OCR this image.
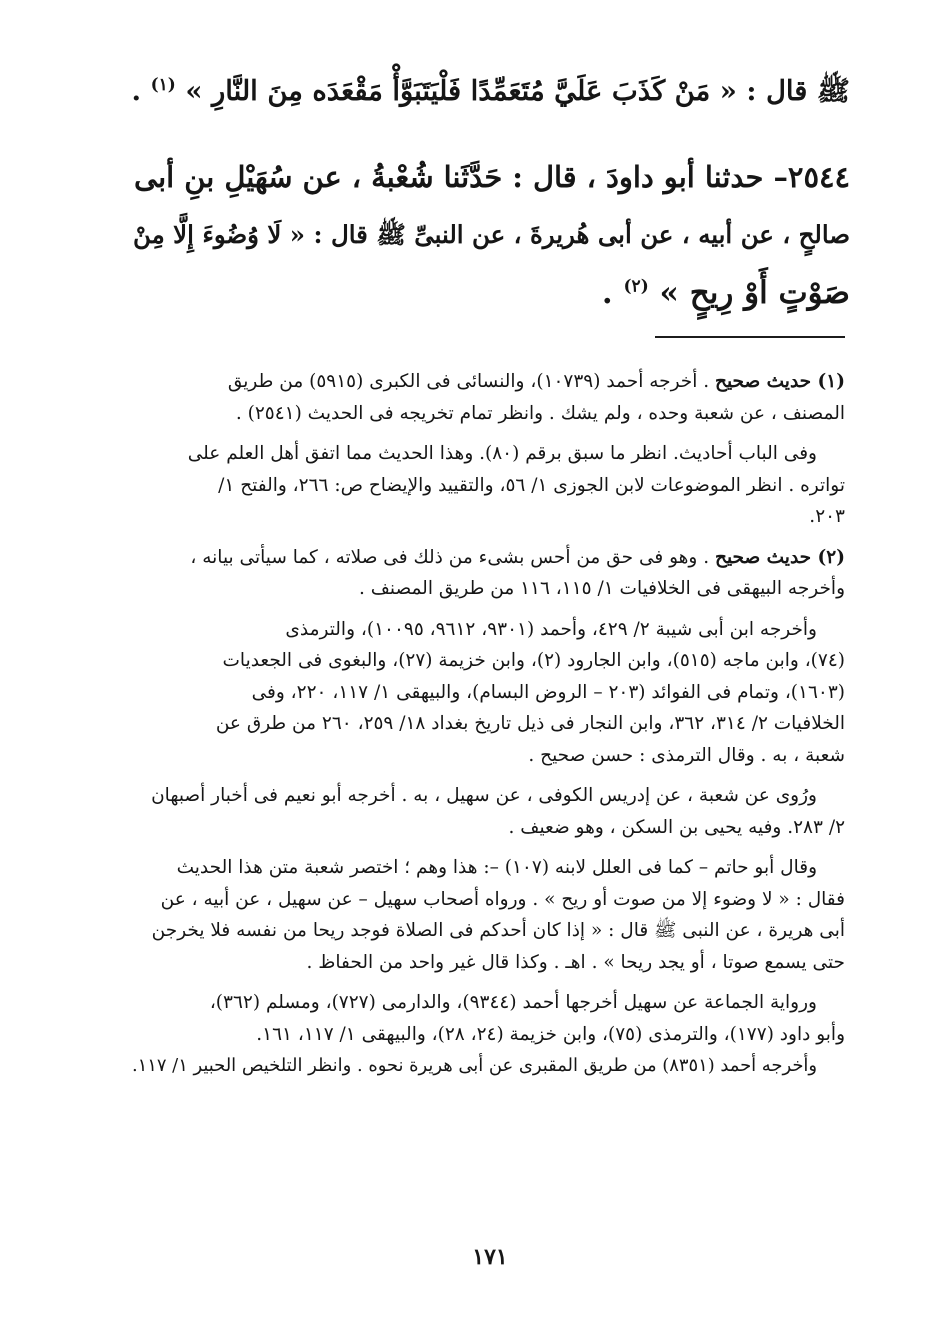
ﷺ قال : « مَنْ كَذَبَ عَلَيَّ مُتَعَمِّدًا فَلْيَتَبَوَّأْ مَقْعَدَه مِنَ النَّارِ » $^{(١)}$ .
٢٥٤٤– حدثنا أبو داودَ ، قال : حَدَّثَنا شُعْبةُ ، عن سُهَيْلِ بنِ أبى
صالحٍ ، عن أبيه ، عن أبى هُريرةَ ، عن النبىِّ ﷺ قال : « لَا وُضُوءَ إِلَّا مِنْ
صَوْتٍ أَوْ رِيحٍ » $^{(٢)}$ .
(١) حديث صحيح . أخرجه أحمد (١٠٧٣٩)، والنسائى فى الكبرى (٥٩١٥) من طريق
المصنف ، عن شعبة وحده ، ولم يشك . وانظر تمام تخريجه فى الحديث (٢٥٤١) .
وفى الباب أحاديث. انظر ما سبق برقم (٨٠). وهذا الحديث مما اتفق أهل العلم على
تواتره . انظر الموضوعات لابن الجوزى ١/ ٥٦، والتقييد والإيضاح ص: ٢٦٦، والفتح ١/
٢٠٣.
(٢) حديث صحيح . وهو فى حق من أحس بشىء من ذلك فى صلاته ، كما سيأتى بيانه ،
وأخرجه البيهقى فى الخلافيات ١/ ١١٥، ١١٦ من طريق المصنف .
وأخرجه ابن أبى شيبة ٢/ ٤٢٩، وأحمد (٩٣٠١، ٩٦١٢، ١٠٠٩٥)، والترمذى
(٧٤)، وابن ماجه (٥١٥)، وابن الجارود (٢)، وابن خزيمة (٢٧)، والبغوى فى الجعديات
(١٦٠٣)، وتمام فى الفوائد (٢٠٣ – الروض البسام)، والبيهقى ١/ ١١٧، ٢٢٠، وفى
الخلافيات ٢/ ٣١٤، ٣٦٢، وابن النجار فى ذيل تاريخ بغداد ١٨/ ٢٥٩، ٢٦٠ من طرق عن
شعبة ، به . وقال الترمذى : حسن صحيح .
ورُوى عن شعبة ، عن إدريس الكوفى ، عن سهيل ، به . أخرجه أبو نعيم فى أخبار أصبهان
٢/ ٢٨٣. وفيه يحيى بن السكن ، وهو ضعيف .
وقال أبو حاتم – كما فى العلل لابنه (١٠٧) –: هذا وهم ؛ اختصر شعبة متن هذا الحديث
فقال : « لا وضوء إلا من صوت أو ريح » . ورواه أصحاب سهيل – عن سهيل ، عن أبيه ، عن
أبى هريرة ، عن النبى ﷺ قال : « إذا كان أحدكم فى الصلاة فوجد ريحا من نفسه فلا يخرجن
حتى يسمع صوتا ، أو يجد ريحا » . اهـ . وكذا قال غير واحد من الحفاظ .
ورواية الجماعة عن سهيل أخرجها أحمد (٩٣٤٤)، والدارمى (٧٢٧)، ومسلم (٣٦٢)،
وأبو داود (١٧٧)، والترمذى (٧٥)، وابن خزيمة (٢٤، ٢٨)، والبيهقى ١/ ١١٧، ١٦١.
وأخرجه أحمد (٨٣٥١) من طريق المقبرى عن أبى هريرة نحوه . وانظر التلخيص الحبير ١/ ١١٧.
١٧١
